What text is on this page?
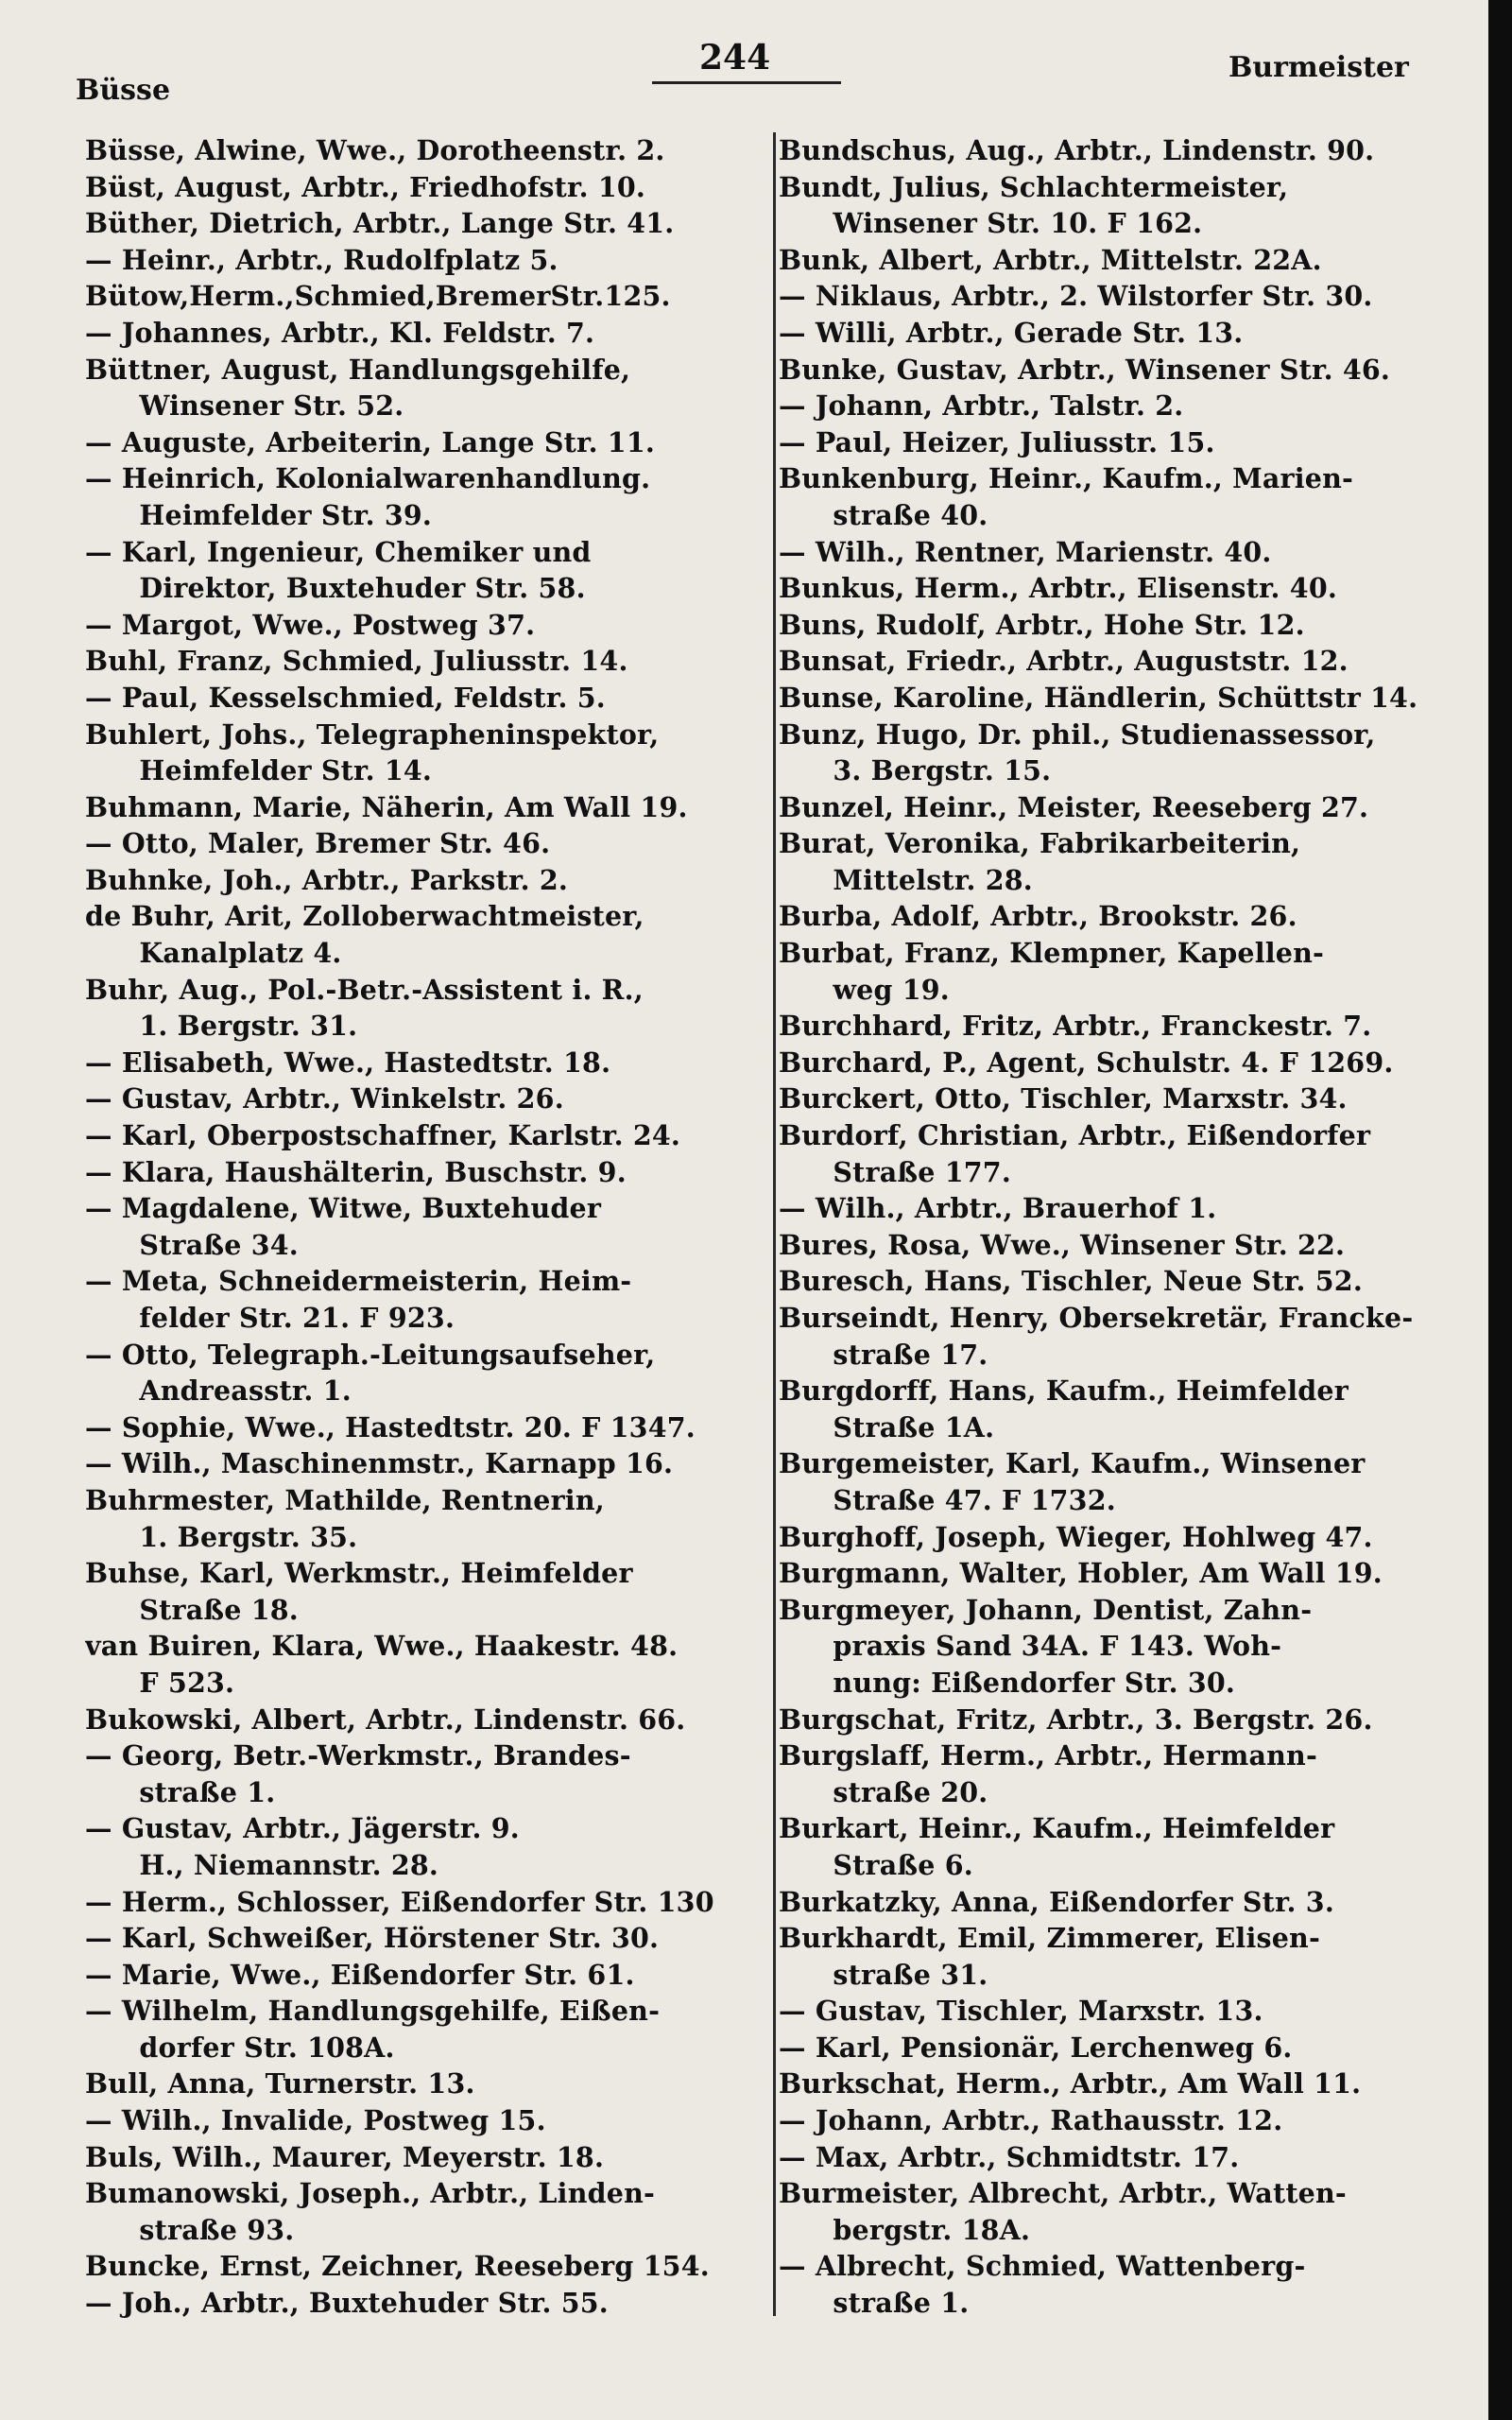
Büsse
244	Burmeister
Büsse, Alwine, Wwe., Dorotheenstr. 2.
Büst, August, Arbtr., Friedhofstr. 10.
Büther, Dietrich, Arbtr., Lange Str. 41.
— Heinr., Arbtr., Rudolfplatz 5.
Bütow,Herm.,Schmied,BremerStr.125.
— Johannes, Arbtr., Kl. Feldstr. 7.
Büttner, August, Handlungsgehilfe,
  Winsener Str. 52.
— Auguste, Arbeiterin, Lange Str. 11.
— Heinrich, Kolonialwarenhandlung.
  Heimfelder Str. 39.
— Karl, Ingenieur, Chemiker und
  Direktor, Buxtehuder Str. 58.
— Margot, Wwe., Postweg 37.
Buhl, Franz, Schmied, Juliusstr. 14.
— Paul, Kesselschmied, Feldstr. 5.
Buhlert, Johs., Telegrapheninspektor,
  Heimfelder Str. 14.
Buhmann, Marie, Näherin, Am Wall 19.
— Otto, Maler, Bremer Str. 46.
Buhnke, Joh., Arbtr., Parkstr. 2.
de Buhr, Arit, Zolloberwachtmeister,
  Kanalplatz 4.
Buhr, Aug., Pol.-Betr.-Assistent i. R.,
  1. Bergstr. 31.
— Elisabeth, Wwe., Hastedtstr. 18.
— Gustav, Arbtr., Winkelstr. 26.
— Karl, Oberpostschaffner, Karlstr. 24.
— Klara, Haushälterin, Buschstr. 9.
— Magdalene, Witwe, Buxtehuder
  Straße 34.
— Meta, Schneidermeisterin, Heim-
  felder Str. 21. F 923.
— Otto, Telegraph.-Leitungsaufseher,
  Andreasstr. 1.
— Sophie, Wwe., Hastedtstr. 20. F 1347.
— Wilh., Maschinenmstr., Karnapp 16.
Buhrmester, Mathilde, Rentnerin,
  1. Bergstr. 35.
Buhse, Karl, Werkmstr., Heimfelder
  Straße 18.
van Buiren, Klara, Wwe., Haakestr. 48.
  F 523.
Bukowski, Albert, Arbtr., Lindenstr. 66.
— Georg, Betr.-Werkmstr., Brandes-
  straße 1.
— Gustav, Arbtr., Jägerstr. 9.
  H., Niemannstr. 28.
— Herm., Schlosser, Eißendorfer Str. 130
— Karl, Schweißer, Hörstener Str. 30.
— Marie, Wwe., Eißendorfer Str. 61.
— Wilhelm, Handlungsgehilfe, Eißen-
  dorfer Str. 108A.
Bull, Anna, Turnerstr. 13.
— Wilh., Invalide, Postweg 15.
Buls, Wilh., Maurer, Meyerstr. 18.
Bumanowski, Joseph., Arbtr., Linden-
  straße 93.
Buncke, Ernst, Zeichner, Reeseberg 154.
— Joh., Arbtr., Buxtehuder Str. 55.
Bundschus, Aug., Arbtr., Lindenstr. 90.
Bundt, Julius, Schlachtermeister,
  Winsener Str. 10. F 162.
Bunk, Albert, Arbtr., Mittelstr. 22A.
— Niklaus, Arbtr., 2. Wilstorfer Str. 30.
— Willi, Arbtr., Gerade Str. 13.
Bunke, Gustav, Arbtr., Winsener Str. 46.
— Johann, Arbtr., Talstr. 2.
— Paul, Heizer, Juliusstr. 15.
Bunkenburg, Heinr., Kaufm., Marien-
  straße 40.
— Wilh., Rentner, Marienstr. 40.
Bunkus, Herm., Arbtr., Elisenstr. 40.
Buns, Rudolf, Arbtr., Hohe Str. 12.
Bunsat, Friedr., Arbtr., Auguststr. 12.
Bunse, Karoline, Händlerin, Schüttstr 14.
Bunz, Hugo, Dr. phil., Studienassessor,
  3. Bergstr. 15.
Bunzel, Heinr., Meister, Reeseberg 27.
Burat, Veronika, Fabrikarbeiterin,
  Mittelstr. 28.
Burba, Adolf, Arbtr., Brookstr. 26.
Burbat, Franz, Klempner, Kapellen-
  weg 19.
Burchhard, Fritz, Arbtr., Franckestr. 7.
Burchard, P., Agent, Schulstr. 4. F 1269.
Burckert, Otto, Tischler, Marxstr. 34.
Burdorf, Christian, Arbtr., Eißendorfer
  Straße 177.
— Wilh., Arbtr., Brauerhof 1.
Bures, Rosa, Wwe., Winsener Str. 22.
Buresch, Hans, Tischler, Neue Str. 52.
Burseindt, Henry, Obersekretär, Francke-
  straße 17.
Burgdorff, Hans, Kaufm., Heimfelder
  Straße 1A.
Burgemeister, Karl, Kaufm., Winsener
  Straße 47. F 1732.
Burghoff, Joseph, Wieger, Hohlweg 47.
Burgmann, Walter, Hobler, Am Wall 19.
Burgmeyer, Johann, Dentist, Zahn-
  praxis Sand 34A. F 143. Woh-
  nung: Eißendorfer Str. 30.
Burgschat, Fritz, Arbtr., 3. Bergstr. 26.
Burgslaff, Herm., Arbtr., Hermann-
  straße 20.
Burkart, Heinr., Kaufm., Heimfelder
  Straße 6.
Burkatzky, Anna, Eißendorfer Str. 3.
Burkhardt, Emil, Zimmerer, Elisen-
  straße 31.
— Gustav, Tischler, Marxstr. 13.
— Karl, Pensionär, Lerchenweg 6.
Burkschat, Herm., Arbtr., Am Wall 11.
— Johann, Arbtr., Rathausstr. 12.
— Max, Arbtr., Schmidtstr. 17.
Burmeister, Albrecht, Arbtr., Watten-
  bergstr. 18A.
— Albrecht, Schmied, Wattenberg-
  straße 1.
